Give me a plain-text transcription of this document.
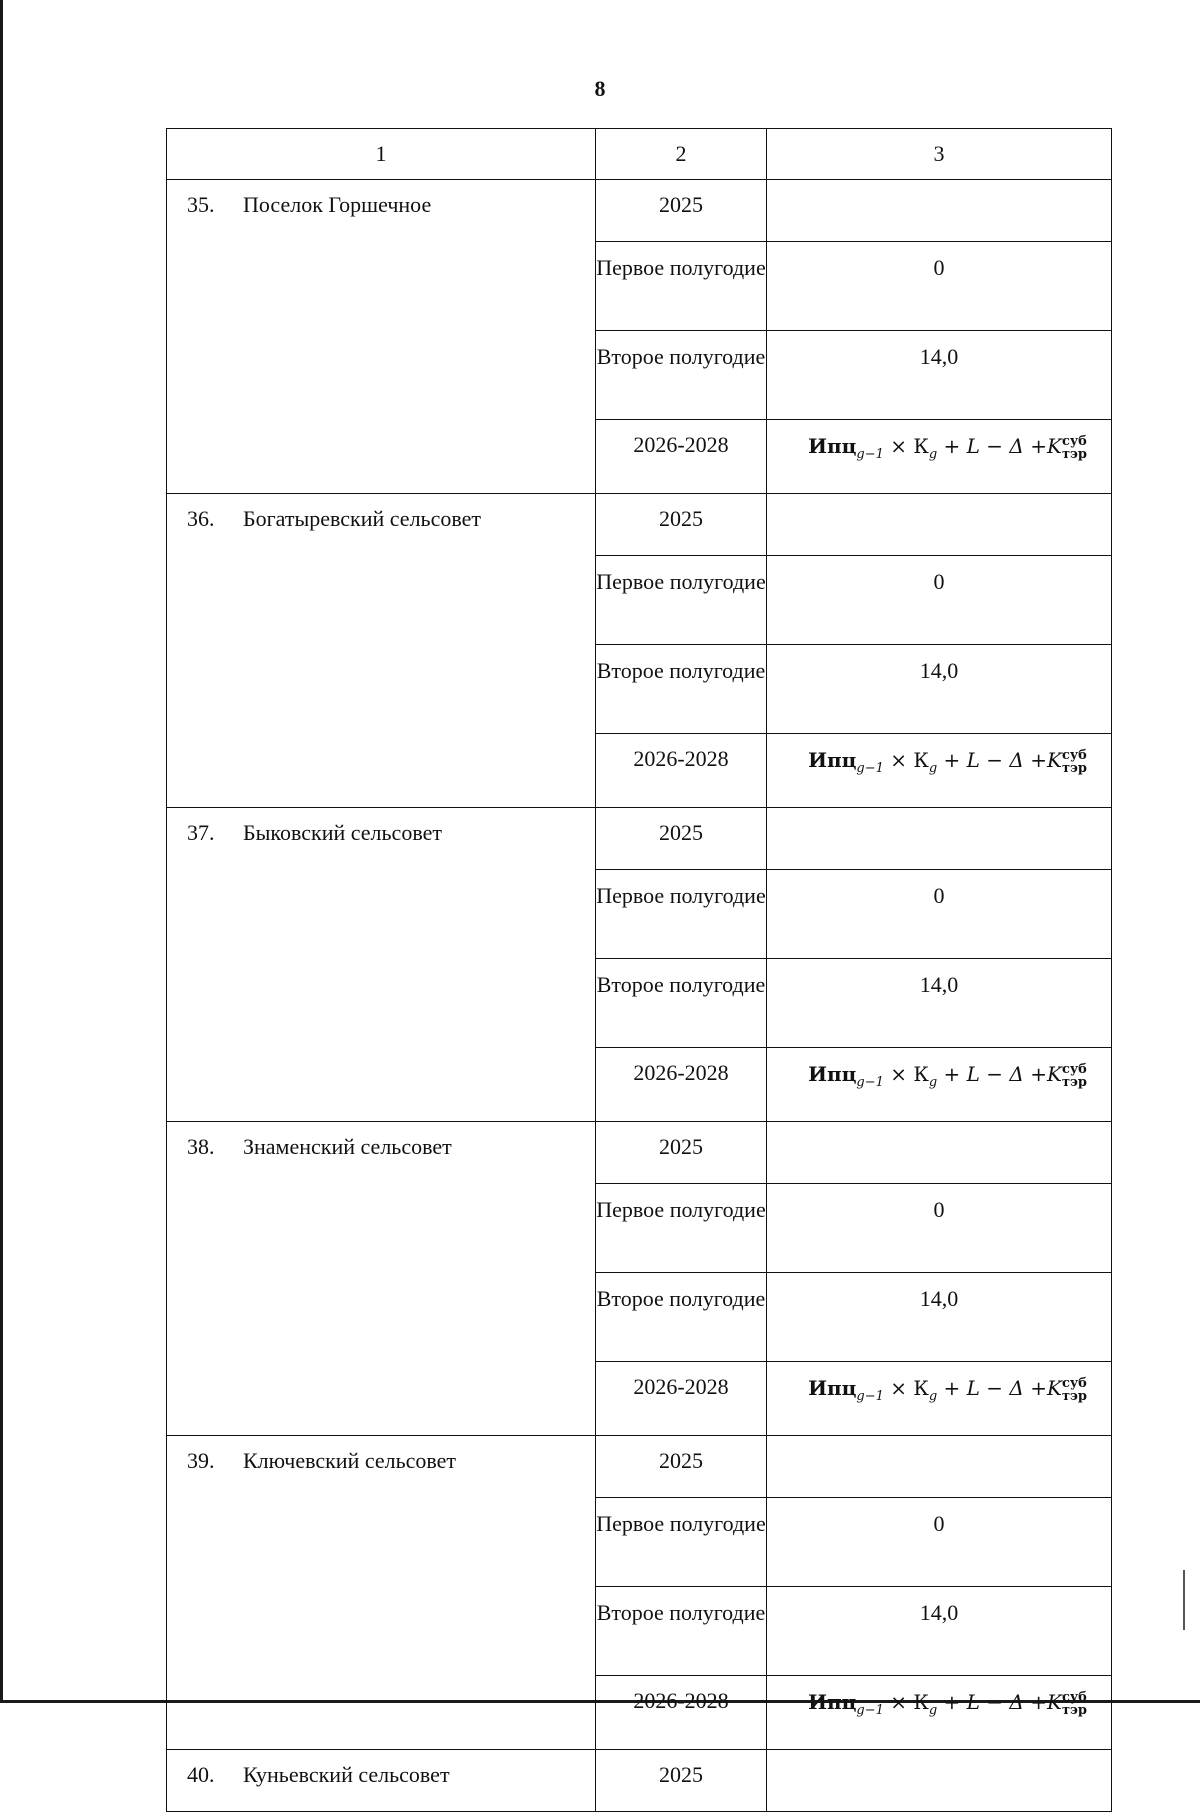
8
1	2	3
35. Поселок Горшечное	2025	
	Первое полугодие	0
	Второе полугодие	14,0
	2026-2028	$Ипц_{g-1} \times К_g + L - \Delta$ +Kсуб
тэр
36. Богатыревский сельсовет	2025	
	Первое полугодие	0
	Второе полугодие	14,0
	2026-2028	$Ипц_{g-1} \times К_g + L - \Delta$ +Kсуб
тэр
37. Быковский сельсовет	2025	
	Первое полугодие	0
	Второе полугодие	14,0
	2026-2028	$Ипц_{g-1} \times К_g + L - \Delta$ +Kсуб
тэр
38. Знаменский сельсовет	2025	
	Первое полугодие	0
	Второе полугодие	14,0
	2026-2028	$Ипц_{g-1} \times К_g + L - \Delta$ +Kсуб
тэр
39. Ключевский сельсовет	2025	
	Первое полугодие	0
	Второе полугодие	14,0
	2026-2028	$Ипц_{g-1} \times К_g + L - \Delta$ +Kсуб
тэр
40. Куньевский сельсовет	2025	
